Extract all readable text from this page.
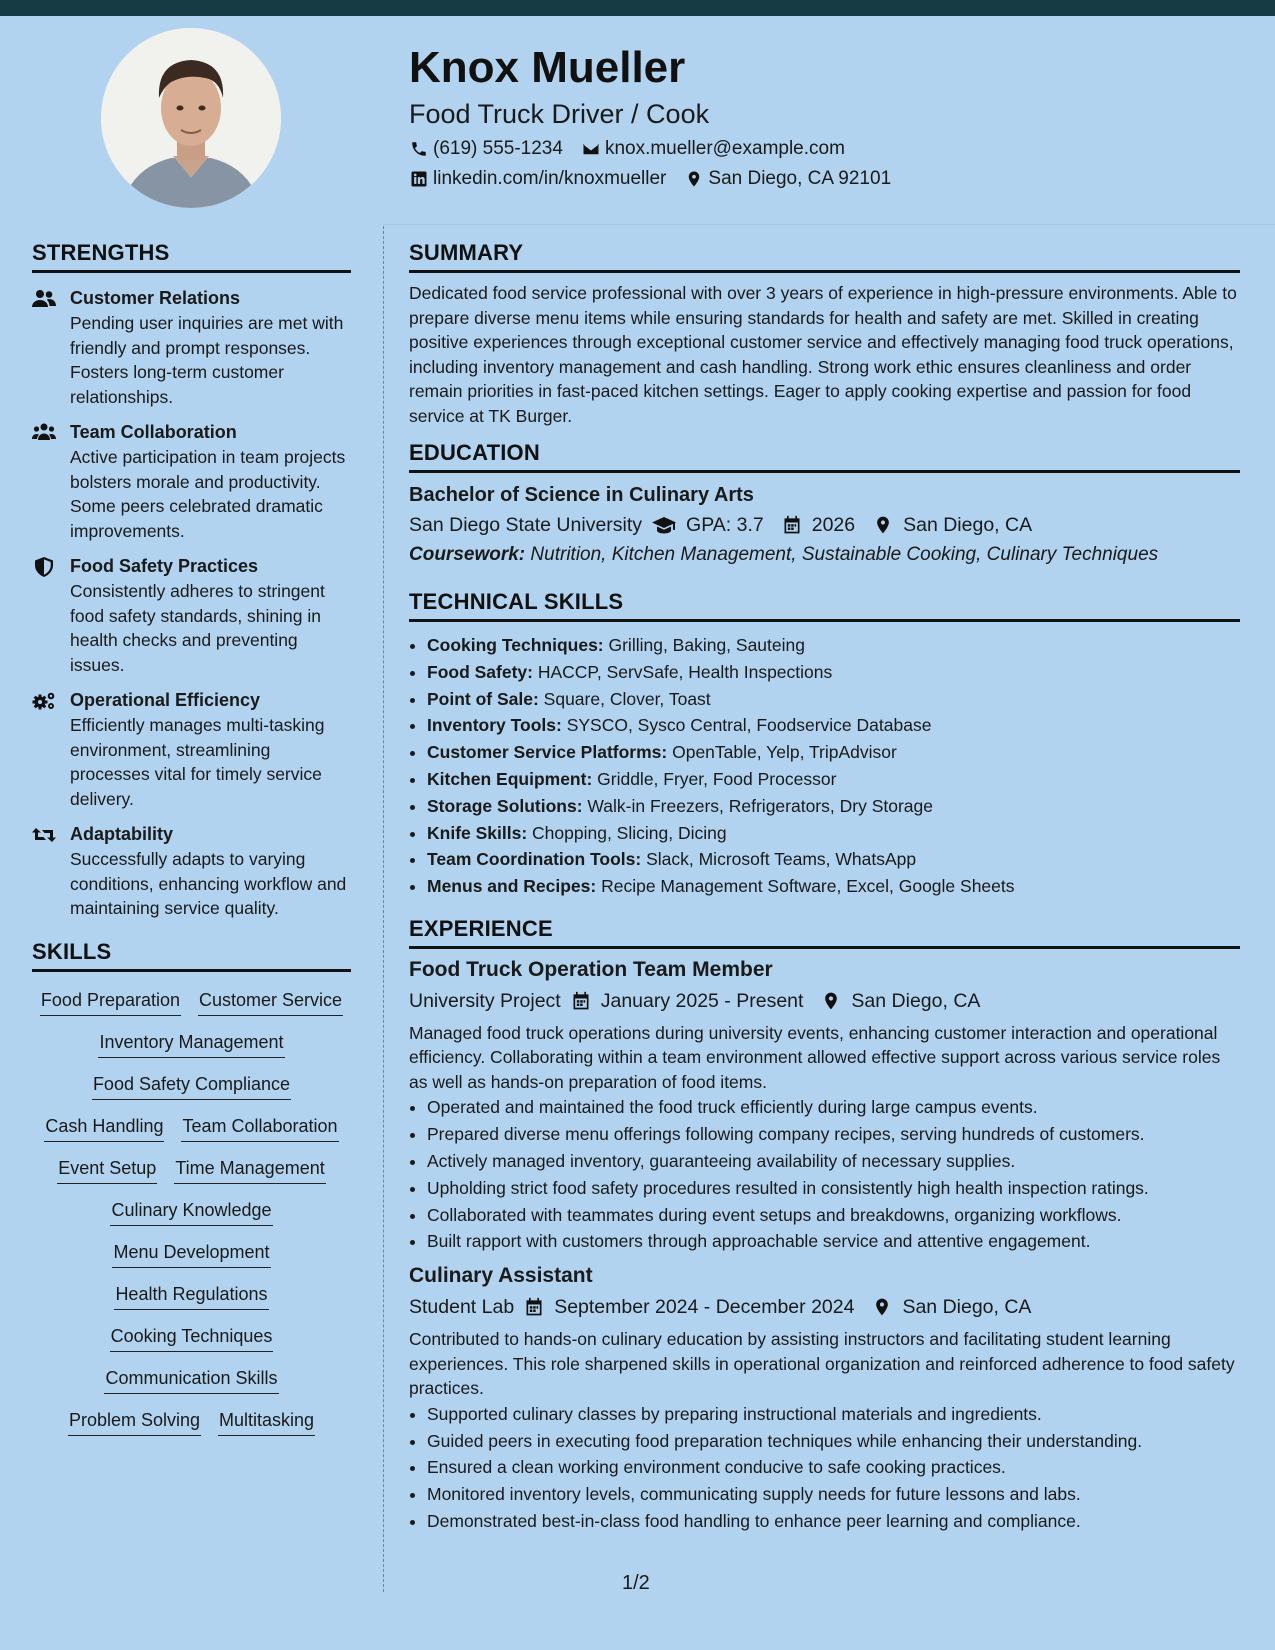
Knox Mueller
Food Truck Driver / Cook
(619) 555-1234 knox.mueller@example.com
linkedin.com/in/knoxmueller San Diego, CA 92101
STRENGTHS
Customer Relations
Pending user inquiries are met with friendly and prompt responses. Fosters long-term customer relationships.
Team Collaboration
Active participation in team projects bolsters morale and productivity. Some peers celebrated dramatic improvements.
Food Safety Practices
Consistently adheres to stringent food safety standards, shining in health checks and preventing issues.
Operational Efficiency
Efficiently manages multi-tasking environment, streamlining processes vital for timely service delivery.
Adaptability
Successfully adapts to varying conditions, enhancing workflow and maintaining service quality.
SKILLS
Food Preparation Customer Service
Inventory Management
Food Safety Compliance
Cash Handling Team Collaboration
Event Setup Time Management
Culinary Knowledge
Menu Development
Health Regulations
Cooking Techniques
Communication Skills
Problem Solving Multitasking
SUMMARY
Dedicated food service professional with over 3 years of experience in high-pressure environments. Able to prepare diverse menu items while ensuring standards for health and safety are met. Skilled in creating positive experiences through exceptional customer service and effectively managing food truck operations, including inventory management and cash handling. Strong work ethic ensures cleanliness and order remain priorities in fast-paced kitchen settings. Eager to apply cooking expertise and passion for food service at TK Burger.
EDUCATION
Bachelor of Science in Culinary Arts
San Diego State University GPA: 3.7 2026 San Diego, CA
Coursework: Nutrition, Kitchen Management, Sustainable Cooking, Culinary Techniques
TECHNICAL SKILLS
• Cooking Techniques: Grilling, Baking, Sauteing
• Food Safety: HACCP, ServSafe, Health Inspections
• Point of Sale: Square, Clover, Toast
• Inventory Tools: SYSCO, Sysco Central, Foodservice Database
• Customer Service Platforms: OpenTable, Yelp, TripAdvisor
• Kitchen Equipment: Griddle, Fryer, Food Processor
• Storage Solutions: Walk-in Freezers, Refrigerators, Dry Storage
• Knife Skills: Chopping, Slicing, Dicing
• Team Coordination Tools: Slack, Microsoft Teams, WhatsApp
• Menus and Recipes: Recipe Management Software, Excel, Google Sheets
EXPERIENCE
Food Truck Operation Team Member
University Project January 2025 - Present San Diego, CA
Managed food truck operations during university events, enhancing customer interaction and operational efficiency. Collaborating within a team environment allowed effective support across various service roles as well as hands-on preparation of food items.
• Operated and maintained the food truck efficiently during large campus events.
• Prepared diverse menu offerings following company recipes, serving hundreds of customers.
• Actively managed inventory, guaranteeing availability of necessary supplies.
• Upholding strict food safety procedures resulted in consistently high health inspection ratings.
• Collaborated with teammates during event setups and breakdowns, organizing workflows.
• Built rapport with customers through approachable service and attentive engagement.
Culinary Assistant
Student Lab September 2024 - December 2024 San Diego, CA
Contributed to hands-on culinary education by assisting instructors and facilitating student learning experiences. This role sharpened skills in operational organization and reinforced adherence to food safety practices.
• Supported culinary classes by preparing instructional materials and ingredients.
• Guided peers in executing food preparation techniques while enhancing their understanding.
• Ensured a clean working environment conducive to safe cooking practices.
• Monitored inventory levels, communicating supply needs for future lessons and labs.
• Demonstrated best-in-class food handling to enhance peer learning and compliance.
1/2
